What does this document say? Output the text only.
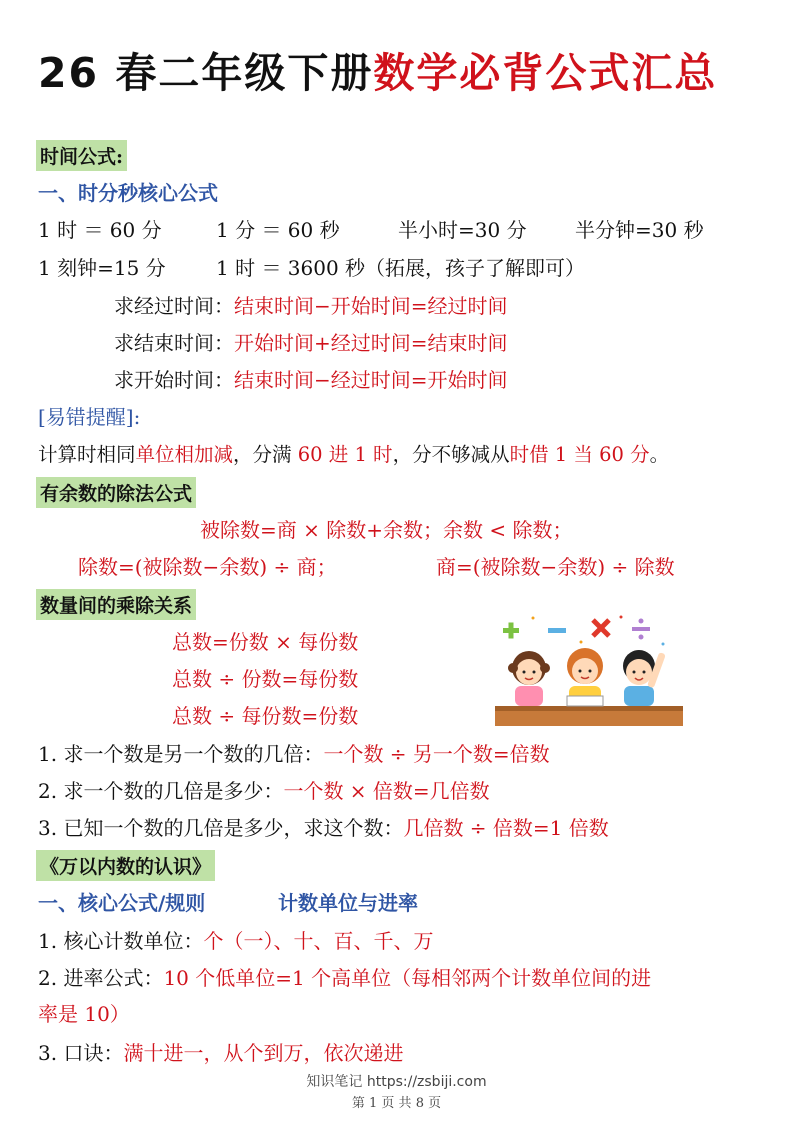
26 春二年级下册数学必背公式汇总
时间公式:
一、时分秒核心公式
1 时 ＝ 60 分	1 分 ＝ 60 秒	半小时=30 分 半分钟=30 秒
1 刻钟=15 分	1 时 ＝ 3600 秒（拓展，孩子了解即可）
求经过时间：结束时间−开始时间=经过时间
求结束时间：开始时间+经过时间=结束时间
求开始时间：结束时间−经过时间=开始时间
[易错提醒]:
计算时相同单位相加减，分满 60 进 1 时，分不够减从时借 1 当 60 分。
有余数的除法公式
被除数=商 × 除数+余数；余数 < 除数；
除数=(被除数−余数) ÷ 商；	商=(被除数−余数) ÷ 除数
数量间的乘除关系
总数=份数 × 每份数
总数 ÷ 份数=每份数
总数 ÷ 每份数=份数
1. 求一个数是另一个数的几倍：一个数 ÷ 另一个数=倍数
2. 求一个数的几倍是多少：一个数 × 倍数=几倍数
3. 已知一个数的几倍是多少，求这个数：几倍数 ÷ 倍数=1 倍数
《万以内数的认识》
一、核心公式/规则	计数单位与进率
1. 核心计数单位：个（一）、十、百、千、万
2. 进率公式：10 个低单位=1 个高单位（每相邻两个计数单位间的进
率是 10）
3. 口诀：满十进一，从个到万，依次递进
知识笔记 https://zsbiji.com
第 1 页 共 8 页
